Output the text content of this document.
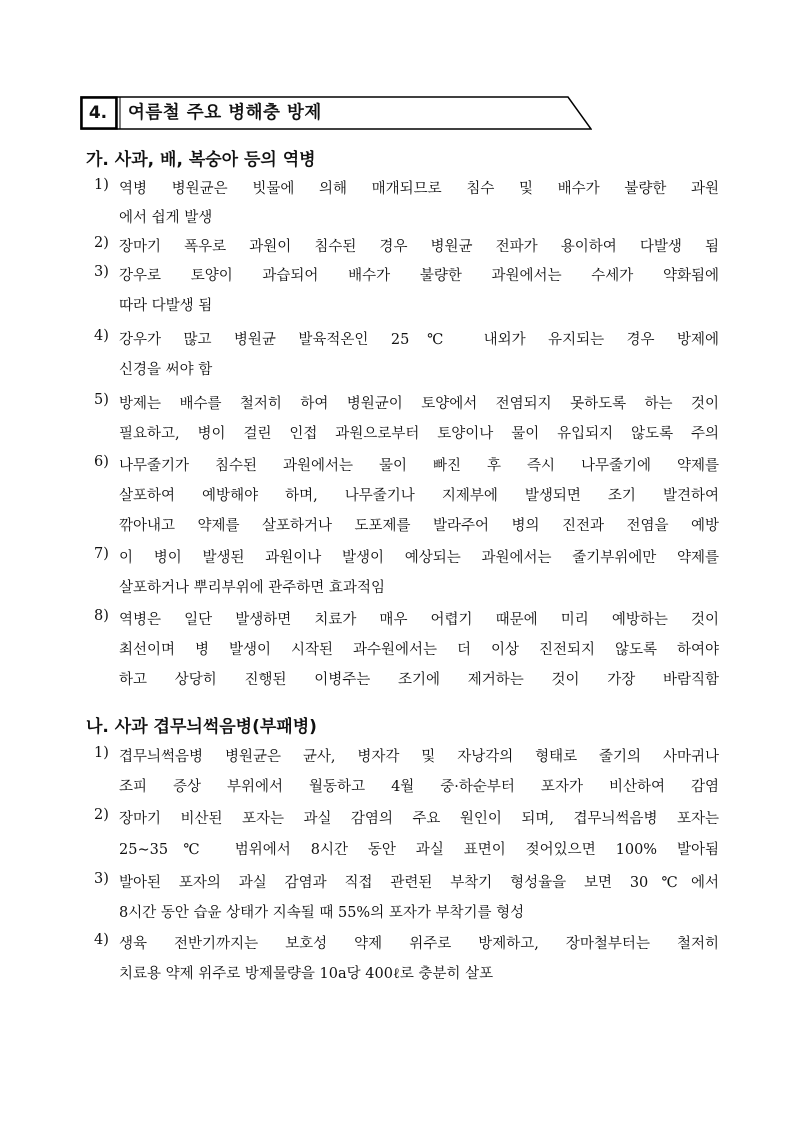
4.	여름철 주요 병해충 방제
가. 사과, 배, 복숭아 등의 역병
1) 역병 병원균은 빗물에 의해 매개되므로 침수 및 배수가 불량한 과원
에서 쉽게 발생
2) 장마기 폭우로 과원이 침수된 경우 병원균 전파가 용이하여 다발생 됨
3) 강우로 토양이 과습되어 배수가 불량한 과원에서는 수세가 약화됨에
따라 다발생 됨
4) 강우가 많고 병원균 발육적온인 25℃ 내외가 유지되는 경우 방제에
신경을 써야 함
5) 방제는 배수를 철저히 하여 병원균이 토양에서 전염되지 못하도록 하는 것이
필요하고, 병이 걸린 인접 과원으로부터 토양이나 물이 유입되지 않도록 주의
6) 나무줄기가 침수된 과원에서는 물이 빠진 후 즉시 나무줄기에 약제를
살포하여 예방해야 하며, 나무줄기나 지제부에 발생되면 조기 발견하여
깎아내고 약제를 살포하거나 도포제를 발라주어 병의 진전과 전염을 예방
7) 이 병이 발생된 과원이나 발생이 예상되는 과원에서는 줄기부위에만 약제를
살포하거나 뿌리부위에 관주하면 효과적임
8) 역병은 일단 발생하면 치료가 매우 어렵기 때문에 미리 예방하는 것이
최선이며 병 발생이 시작된 과수원에서는 더 이상 진전되지 않도록 하여야
하고 상당히 진행된 이병주는 조기에 제거하는 것이 가장 바람직함
나. 사과 겹무늬썩음병(부패병)
1) 겹무늬썩음병 병원균은 균사, 병자각 및 자낭각의 형태로 줄기의 사마귀나
조피 증상 부위에서 월동하고 4월 중·하순부터 포자가 비산하여 감염
2) 장마기 비산된 포자는 과실 감염의 주요 원인이 되며, 겹무늬썩음병 포자는
25∼35℃ 범위에서 8시간 동안 과실 표면이 젖어있으면 100% 발아됨
3) 발아된 포자의 과실 감염과 직접 관련된 부착기 형성율을 보면 30℃에서
8시간 동안 습윤 상태가 지속될 때 55%의 포자가 부착기를 형성
4) 생육 전반기까지는 보호성 약제 위주로 방제하고, 장마철부터는 철저히
치료용 약제 위주로 방제물량을 10a당 400ℓ로 충분히 살포
